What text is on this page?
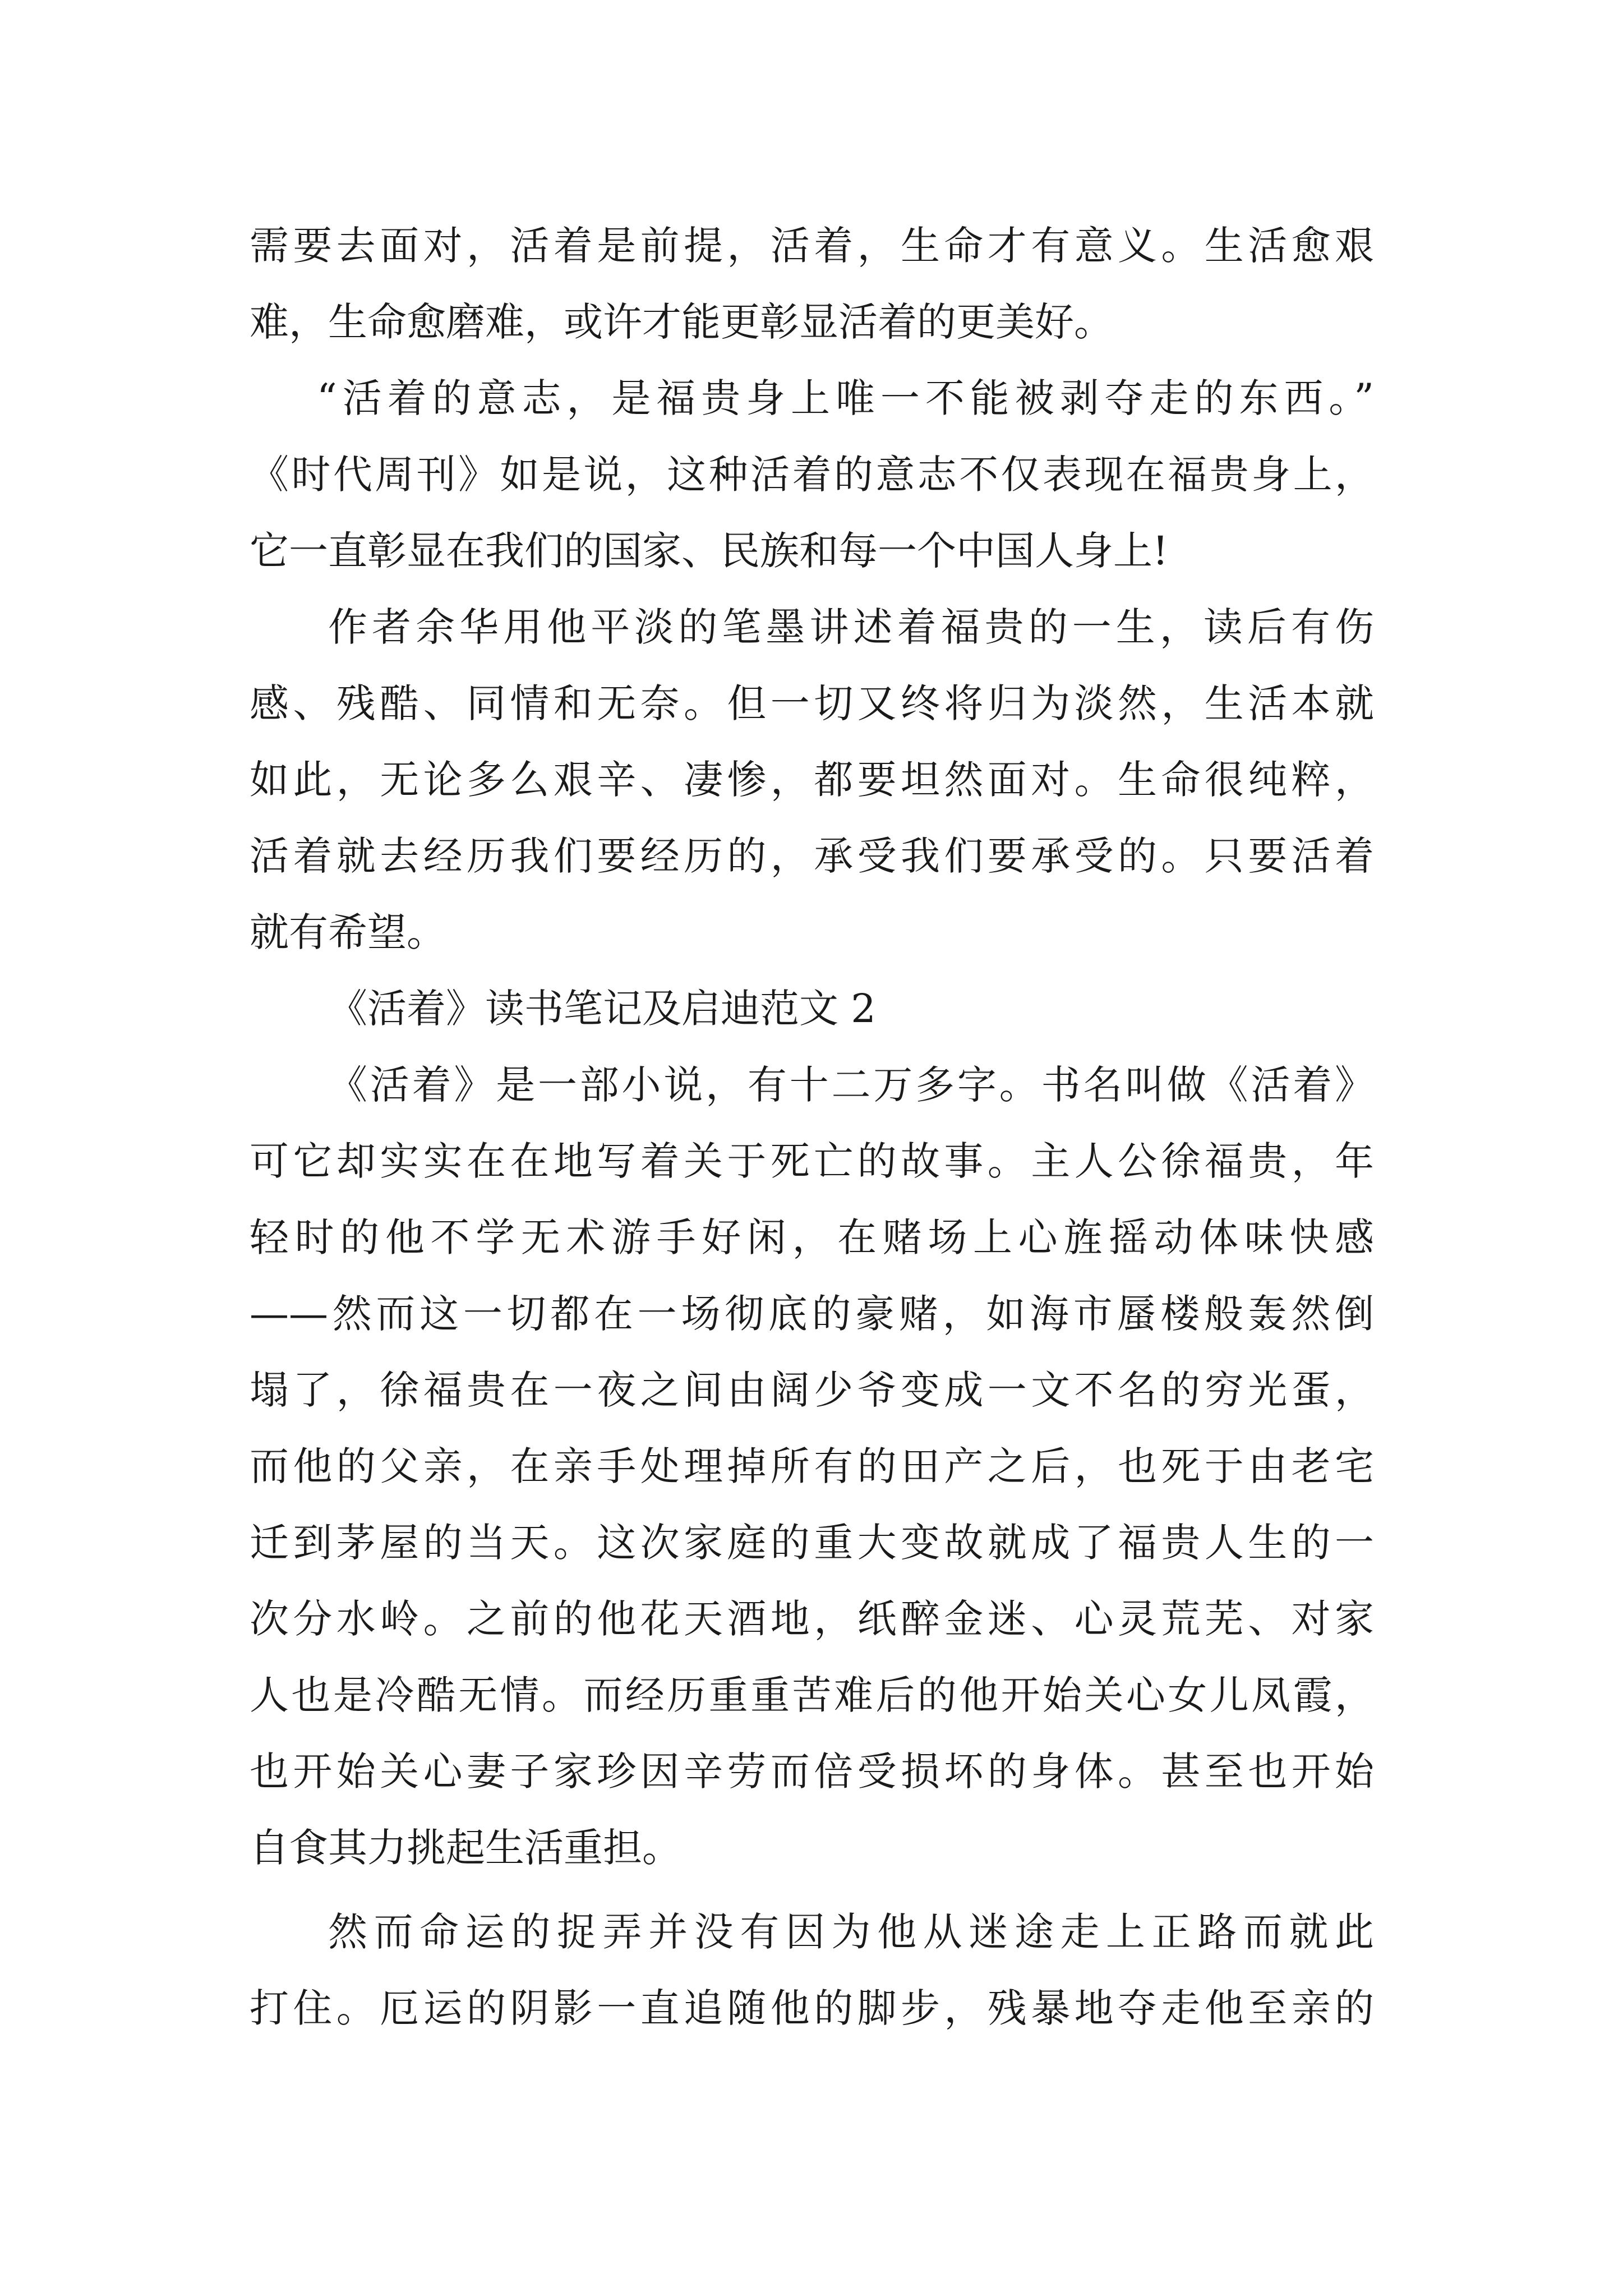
需要去面对，活着是前提，活着，生命才有意义。生活愈艰
难，生命愈磨难，或许才能更彰显活着的更美好。
“活着的意志，是福贵身上唯一不能被剥夺走的东西。”
《时代周刊》如是说，这种活着的意志不仅表现在福贵身上，
它一直彰显在我们的国家、民族和每一个中国人身上!
作者余华用他平淡的笔墨讲述着福贵的一生，读后有伤
感、残酷、同情和无奈。但一切又终将归为淡然，生活本就
如此，无论多么艰辛、凄惨，都要坦然面对。生命很纯粹，
活着就去经历我们要经历的，承受我们要承受的。只要活着
就有希望。
《活着》读书笔记及启迪范文 2
《活着》是一部小说，有十二万多字。书名叫做《活着》
可它却实实在在地写着关于死亡的故事。主人公徐福贵，年
轻时的他不学无术游手好闲，在赌场上心旌摇动体味快感
——然而这一切都在一场彻底的豪赌，如海市蜃楼般轰然倒
塌了，徐福贵在一夜之间由阔少爷变成一文不名的穷光蛋，
而他的父亲，在亲手处理掉所有的田产之后，也死于由老宅
迁到茅屋的当天。这次家庭的重大变故就成了福贵人生的一
次分水岭。之前的他花天酒地，纸醉金迷、心灵荒芜、对家
人也是冷酷无情。而经历重重苦难后的他开始关心女儿凤霞，
也开始关心妻子家珍因辛劳而倍受损坏的身体。甚至也开始
自食其力挑起生活重担。
然而命运的捉弄并没有因为他从迷途走上正路而就此
打住。厄运的阴影一直追随他的脚步，残暴地夺走他至亲的
